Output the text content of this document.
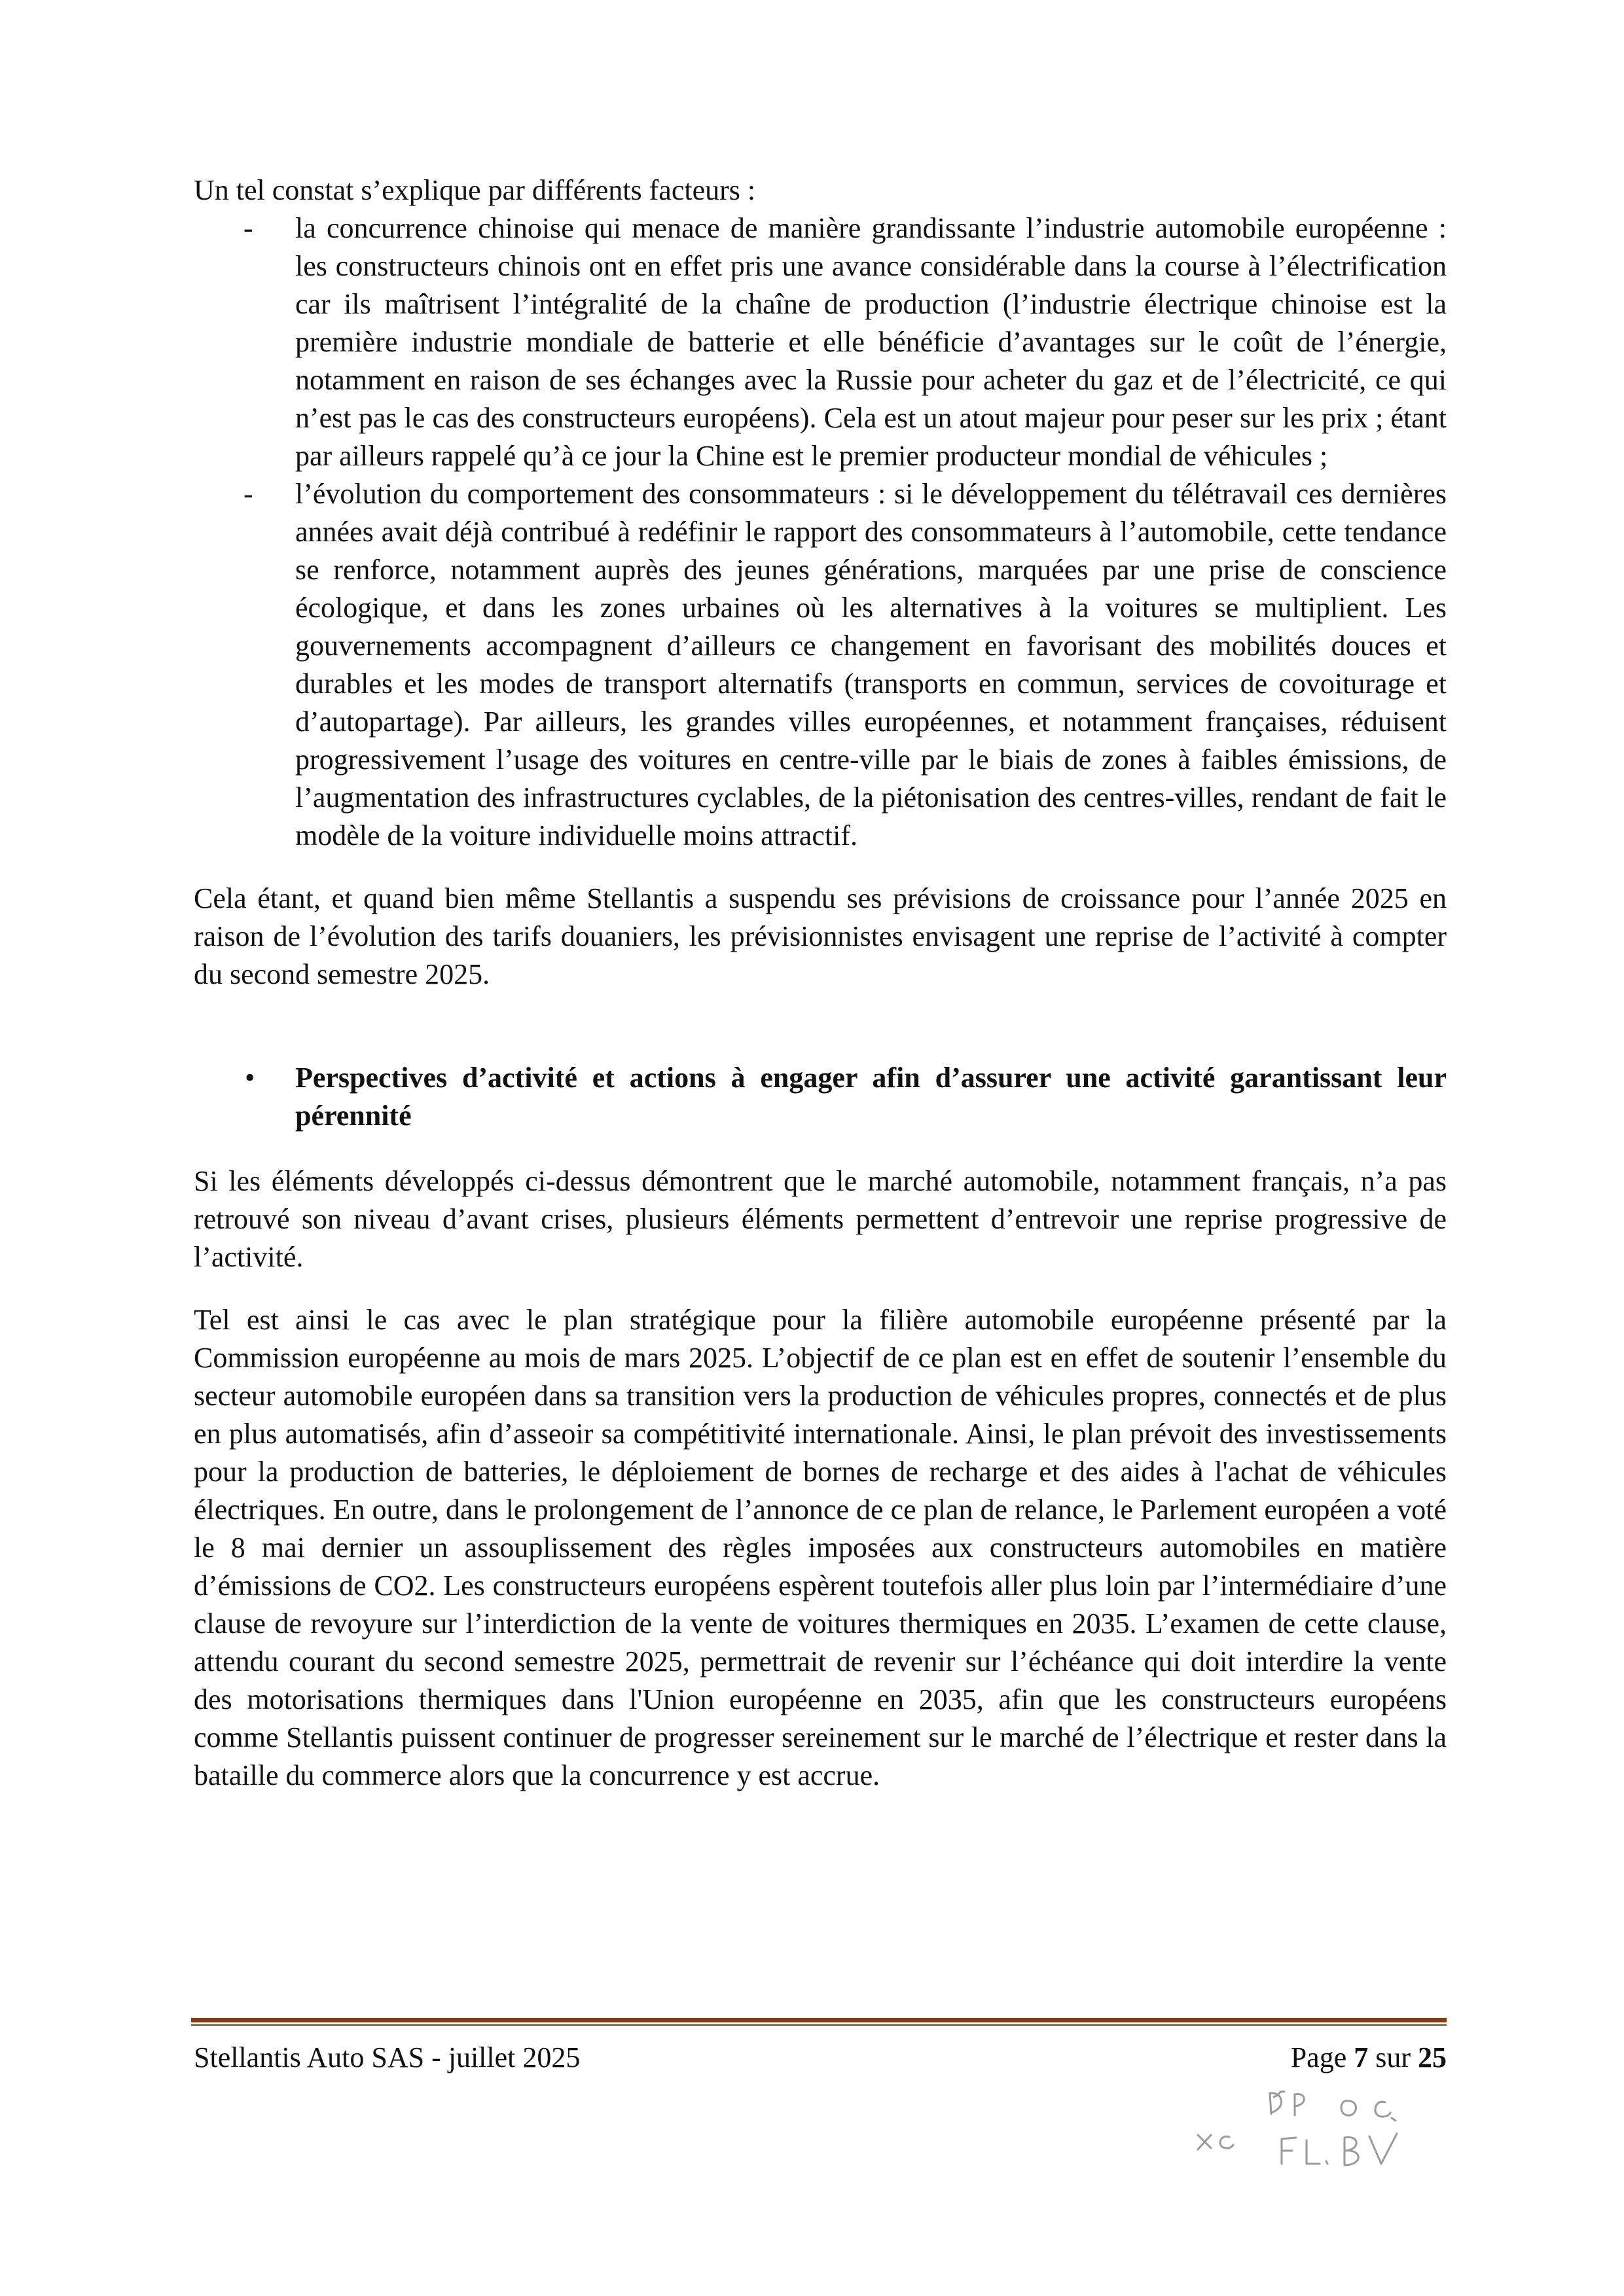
Un tel constat s’explique par différents facteurs :

- la concurrence chinoise qui menace de manière grandissante l’industrie automobile européenne : les constructeurs chinois ont en effet pris une avance considérable dans la course à l’électrification car ils maîtrisent l’intégralité de la chaîne de production (l’industrie électrique chinoise est la première industrie mondiale de batterie et elle bénéficie d’avantages sur le coût de l’énergie, notamment en raison de ses échanges avec la Russie pour acheter du gaz et de l’électricité, ce qui n’est pas le cas des constructeurs européens). Cela est un atout majeur pour peser sur les prix ; étant par ailleurs rappelé qu’à ce jour la Chine est le premier producteur mondial de véhicules ;
- l’évolution du comportement des consommateurs : si le développement du télétravail ces dernières années avait déjà contribué à redéfinir le rapport des consommateurs à l’automobile, cette tendance se renforce, notamment auprès des jeunes générations, marquées par une prise de conscience écologique, et dans les zones urbaines où les alternatives à la voitures se multiplient. Les gouvernements accompagnent d’ailleurs ce changement en favorisant des mobilités douces et durables et les modes de transport alternatifs (transports en commun, services de covoiturage et d’autopartage). Par ailleurs, les grandes villes européennes, et notamment françaises, réduisent progressivement l’usage des voitures en centre-ville par le biais de zones à faibles émissions, de l’augmentation des infrastructures cyclables, de la piétonisation des centres-villes, rendant de fait le modèle de la voiture individuelle moins attractif.

Cela étant, et quand bien même Stellantis a suspendu ses prévisions de croissance pour l’année 2025 en raison de l’évolution des tarifs douaniers, les prévisionnistes envisagent une reprise de l’activité à compter du second semestre 2025.

• Perspectives d’activité et actions à engager afin d’assurer une activité garantissant leur pérennité

Si les éléments développés ci-dessus démontrent que le marché automobile, notamment français, n’a pas retrouvé son niveau d’avant crises, plusieurs éléments permettent d’entrevoir une reprise progressive de l’activité.

Tel est ainsi le cas avec le plan stratégique pour la filière automobile européenne présenté par la Commission européenne au mois de mars 2025. L’objectif de ce plan est en effet de soutenir l’ensemble du secteur automobile européen dans sa transition vers la production de véhicules propres, connectés et de plus en plus automatisés, afin d’asseoir sa compétitivité internationale. Ainsi, le plan prévoit des investissements pour la production de batteries, le déploiement de bornes de recharge et des aides à l'achat de véhicules électriques. En outre, dans le prolongement de l’annonce de ce plan de relance, le Parlement européen a voté le 8 mai dernier un assouplissement des règles imposées aux constructeurs automobiles en matière d’émissions de CO2. Les constructeurs européens espèrent toutefois aller plus loin par l’intermédiaire d’une clause de revoyure sur l’interdiction de la vente de voitures thermiques en 2035. L’examen de cette clause, attendu courant du second semestre 2025, permettrait de revenir sur l’échéance qui doit interdire la vente des motorisations thermiques dans l'Union européenne en 2035, afin que les constructeurs européens comme Stellantis puissent continuer de progresser sereinement sur le marché de l’électrique et rester dans la bataille du commerce alors que la concurrence y est accrue.

Stellantis Auto SAS - juillet 2025	Page 7 sur 25
